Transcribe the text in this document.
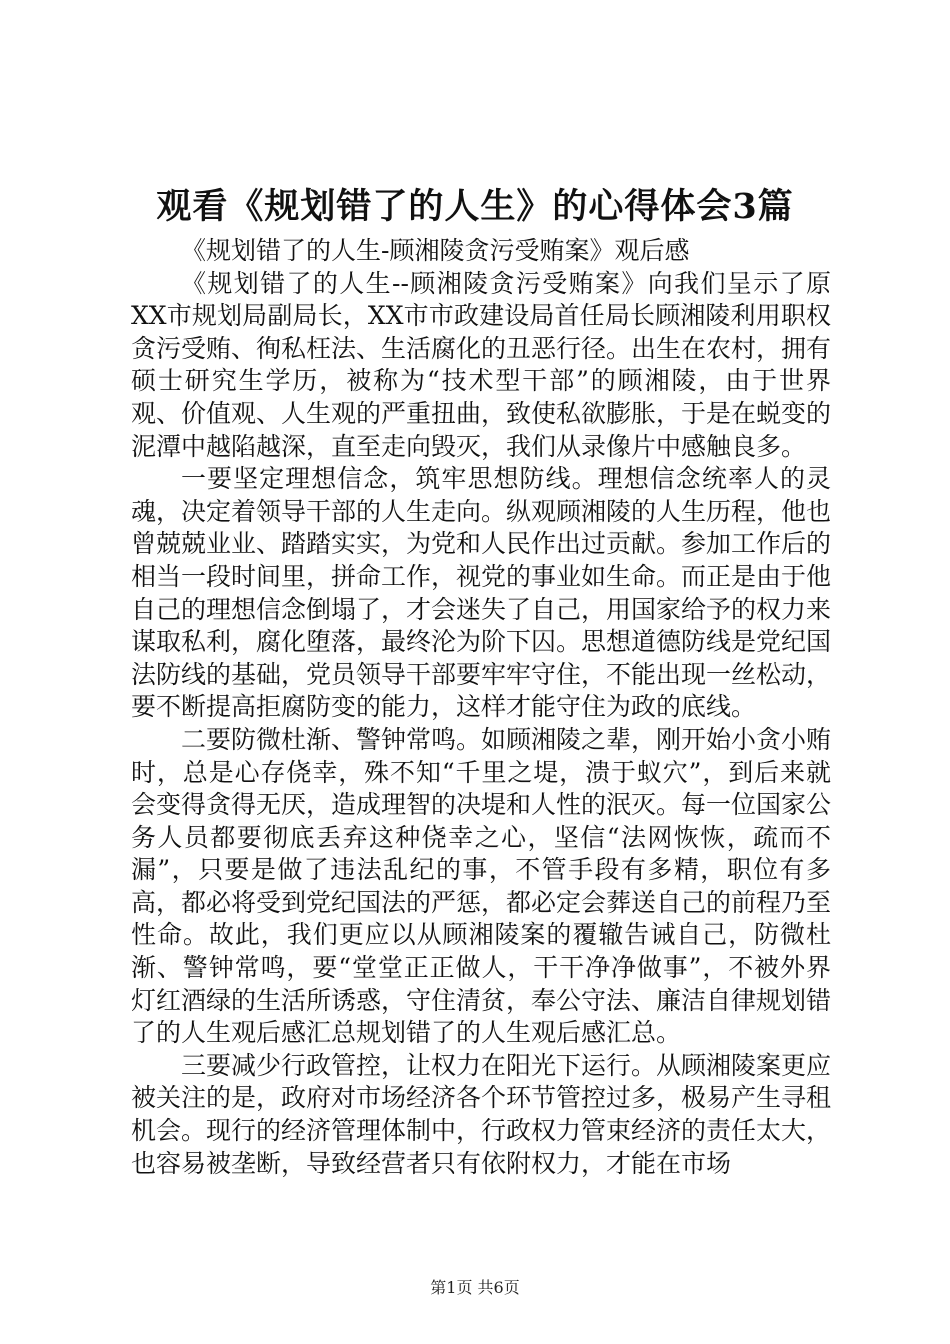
观看《规划错了的人生》的心得体会3篇

《规划错了的人生-顾湘陵贪污受贿案》观后感

《规划错了的人生--顾湘陵贪污受贿案》向我们呈示了原XX市规划局副局长，XX市市政建设局首任局长顾湘陵利用职权贪污受贿、徇私枉法、生活腐化的丑恶行径。出生在农村，拥有硕士研究生学历，被称为“技术型干部”的顾湘陵，由于世界观、价值观、人生观的严重扭曲，致使私欲膨胀，于是在蜕变的泥潭中越陷越深，直至走向毁灭，我们从录像片中感触良多。

一要坚定理想信念，筑牢思想防线。理想信念统率人的灵魂，决定着领导干部的人生走向。纵观顾湘陵的人生历程，他也曾兢兢业业、踏踏实实，为党和人民作出过贡献。参加工作后的相当一段时间里，拼命工作，视党的事业如生命。而正是由于他自己的理想信念倒塌了，才会迷失了自己，用国家给予的权力来谋取私利，腐化堕落，最终沦为阶下囚。思想道德防线是党纪国法防线的基础，党员领导干部要牢牢守住，不能出现一丝松动，要不断提高拒腐防变的能力，这样才能守住为政的底线。

二要防微杜渐、警钟常鸣。如顾湘陵之辈，刚开始小贪小贿时，总是心存侥幸，殊不知“千里之堤，溃于蚁穴”，到后来就会变得贪得无厌，造成理智的决堤和人性的泯灭。每一位国家公务人员都要彻底丢弃这种侥幸之心，坚信“法网恢恢，疏而不漏”，只要是做了违法乱纪的事，不管手段有多精，职位有多高，都必将受到党纪国法的严惩，都必定会葬送自己的前程乃至性命。故此，我们更应以从顾湘陵案的覆辙告诫自己，防微杜渐、警钟常鸣，要“堂堂正正做人，干干净净做事”，不被外界灯红酒绿的生活所诱惑，守住清贫，奉公守法、廉洁自律规划错了的人生观后感汇总规划错了的人生观后感汇总。

三要减少行政管控，让权力在阳光下运行。从顾湘陵案更应被关注的是，政府对市场经济各个环节管控过多，极易产生寻租机会。现行的经济管理体制中，行政权力管束经济的责任太大，也容易被垄断，导致经营者只有依附权力，才能在市场

第1页 共6页
